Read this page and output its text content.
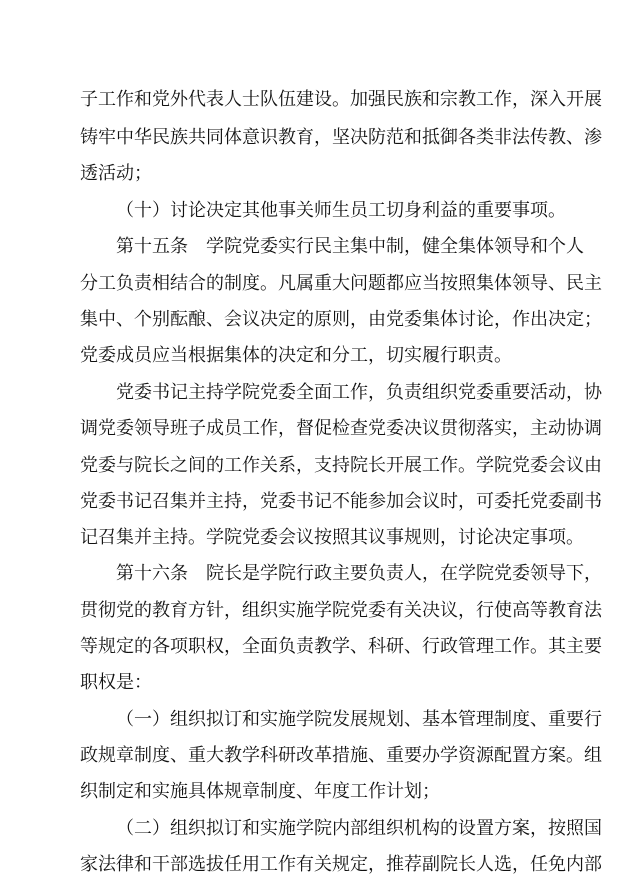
子工作和党外代表人士队伍建设。加强民族和宗教工作，深入开展
铸牢中华民族共同体意识教育，坚决防范和抵御各类非法传教、渗
透活动；
（十）讨论决定其他事关师生员工切身利益的重要事项。
第十五条　学院党委实行民主集中制，健全集体领导和个人
分工负责相结合的制度。凡属重大问题都应当按照集体领导、民主
集中、个别酝酿、会议决定的原则，由党委集体讨论，作出决定；
党委成员应当根据集体的决定和分工，切实履行职责。
党委书记主持学院党委全面工作，负责组织党委重要活动，协
调党委领导班子成员工作，督促检查党委决议贯彻落实，主动协调
党委与院长之间的工作关系，支持院长开展工作。学院党委会议由
党委书记召集并主持，党委书记不能参加会议时，可委托党委副书
记召集并主持。学院党委会议按照其议事规则，讨论决定事项。
第十六条　院长是学院行政主要负责人，在学院党委领导下，
贯彻党的教育方针，组织实施学院党委有关决议，行使高等教育法
等规定的各项职权，全面负责教学、科研、行政管理工作。其主要
职权是：
（一）组织拟订和实施学院发展规划、基本管理制度、重要行
政规章制度、重大教学科研改革措施、重要办学资源配置方案。组
织制定和实施具体规章制度、年度工作计划；
（二）组织拟订和实施学院内部组织机构的设置方案，按照国
家法律和干部选拔任用工作有关规定，推荐副院长人选，任免内部
